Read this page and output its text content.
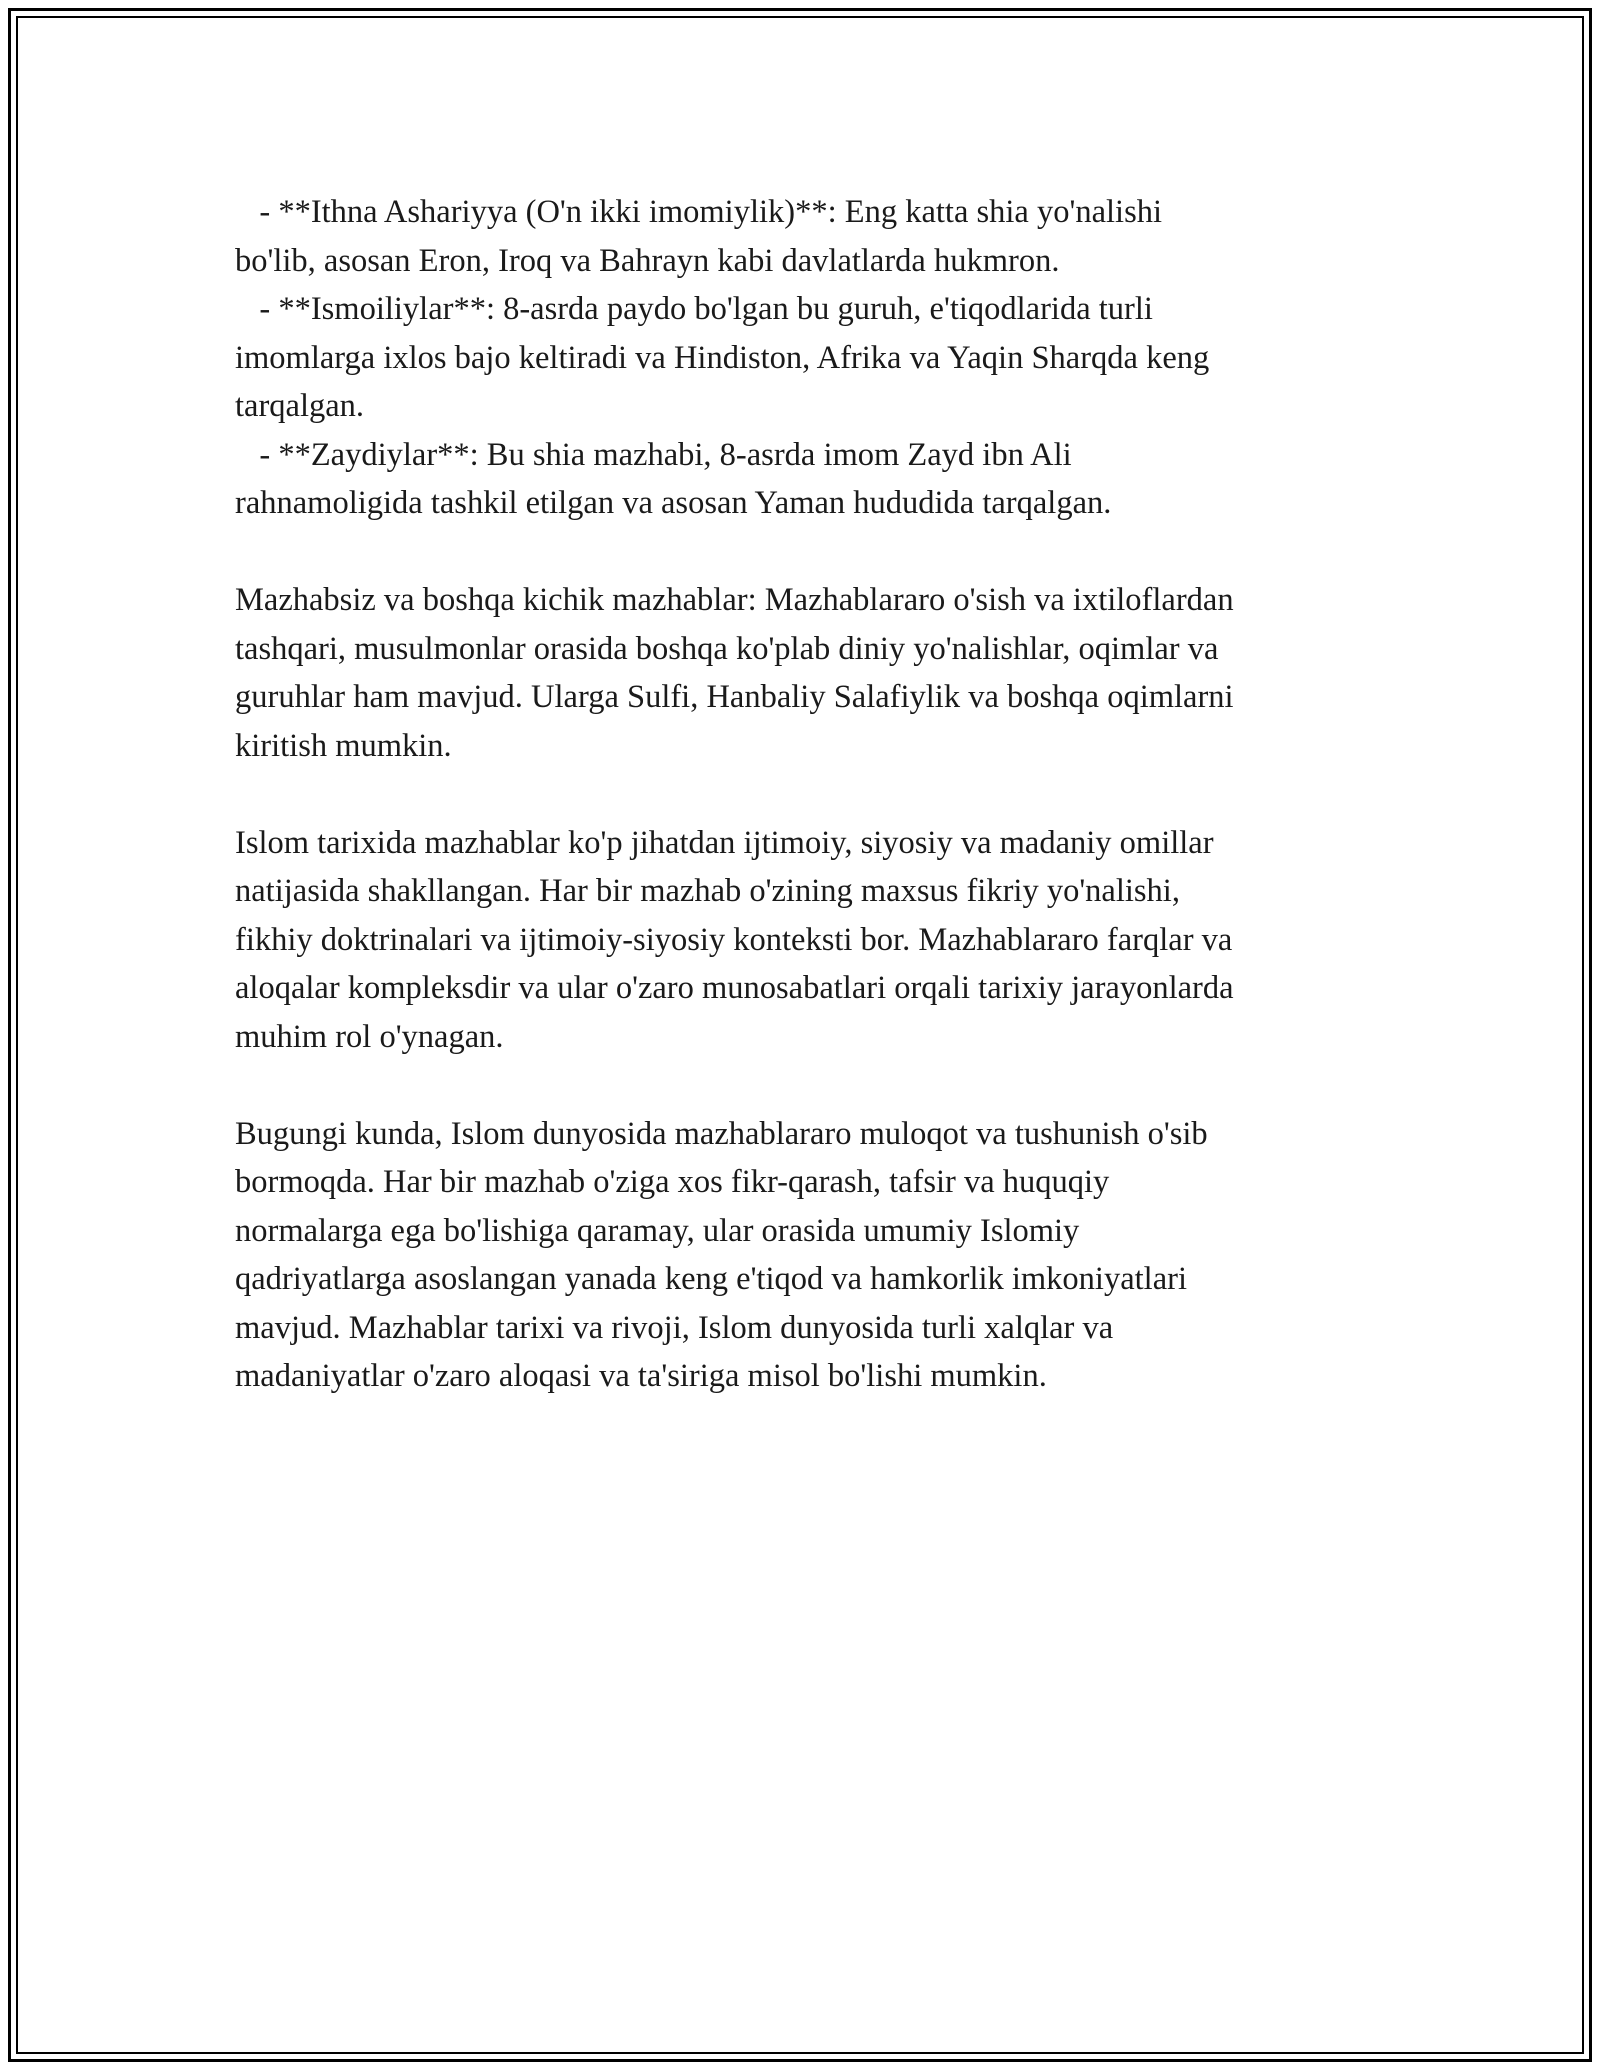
- **Ithna Ashariyya (O'n ikki imomiylik)**: Eng katta shia yo'nalishi
bo'lib, asosan Eron, Iroq va Bahrayn kabi davlatlarda hukmron.
- **Ismoiliylar**: 8-asrda paydo bo'lgan bu guruh, e'tiqodlarida turli
imomlarga ixlos bajo keltiradi va Hindiston, Afrika va Yaqin Sharqda keng
tarqalgan.
- **Zaydiylar**: Bu shia mazhabi, 8-asrda imom Zayd ibn Ali
rahnamoligida tashkil etilgan va asosan Yaman hududida tarqalgan.
Mazhabsiz va boshqa kichik mazhablar: Mazhablararo o'sish va ixtiloflardan
tashqari, musulmonlar orasida boshqa ko'plab diniy yo'nalishlar, oqimlar va
guruhlar ham mavjud. Ularga Sulfi, Hanbaliy Salafiylik va boshqa oqimlarni
kiritish mumkin.
Islom tarixida mazhablar ko'p jihatdan ijtimoiy, siyosiy va madaniy omillar
natijasida shakllangan. Har bir mazhab o'zining maxsus fikriy yo'nalishi,
fikhiy doktrinalari va ijtimoiy-siyosiy konteksti bor. Mazhablararo farqlar va
aloqalar kompleksdir va ular o'zaro munosabatlari orqali tarixiy jarayonlarda
muhim rol o'ynagan.
Bugungi kunda, Islom dunyosida mazhablararo muloqot va tushunish o'sib
bormoqda. Har bir mazhab o'ziga xos fikr-qarash, tafsir va huquqiy
normalarga ega bo'lishiga qaramay, ular orasida umumiy Islomiy
qadriyatlarga asoslangan yanada keng e'tiqod va hamkorlik imkoniyatlari
mavjud. Mazhablar tarixi va rivoji, Islom dunyosida turli xalqlar va
madaniyatlar o'zaro aloqasi va ta'siriga misol bo'lishi mumkin.
